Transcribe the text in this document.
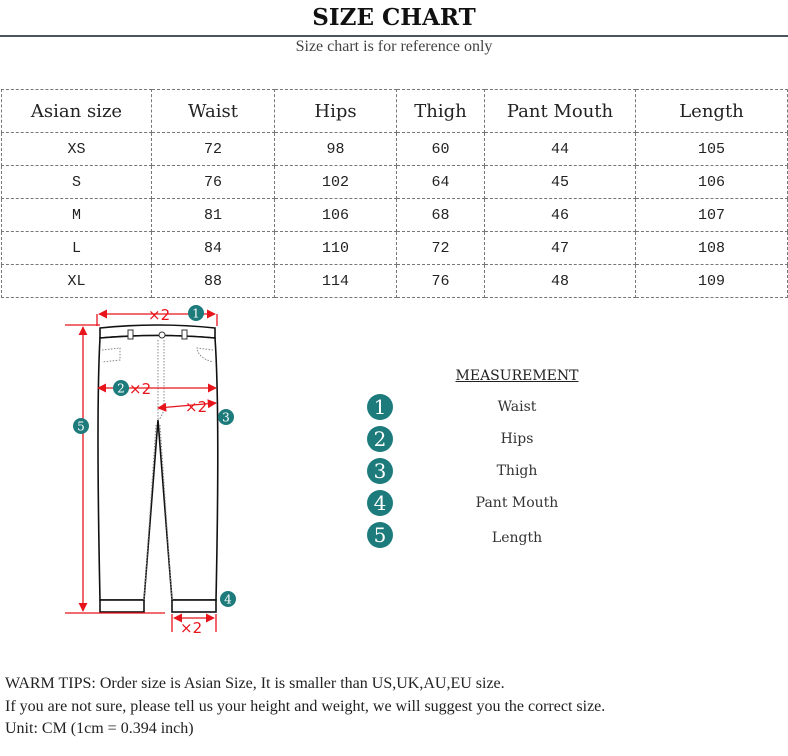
SIZE CHART
Size chart is for reference only
Asian size	Waist	Hips	Thigh	Pant Mouth	Length
XS	72	98	60	44	105
S	76	102	64	45	106
M	81	106	68	46	107
L	84	110	72	47	108
XL	88	114	76	48	109
×2
×2
×2
×2
1
2
3
4
5
MEASUREMENT
1	Waist
2	Hips
3	Thigh
4	Pant Mouth
5	Length
WARM TIPS: Order size is Asian Size, It is smaller than US,UK,AU,EU size.
If you are not sure, please tell us your height and weight, we will suggest you the correct size.
Unit: CM (1cm = 0.394 inch)
